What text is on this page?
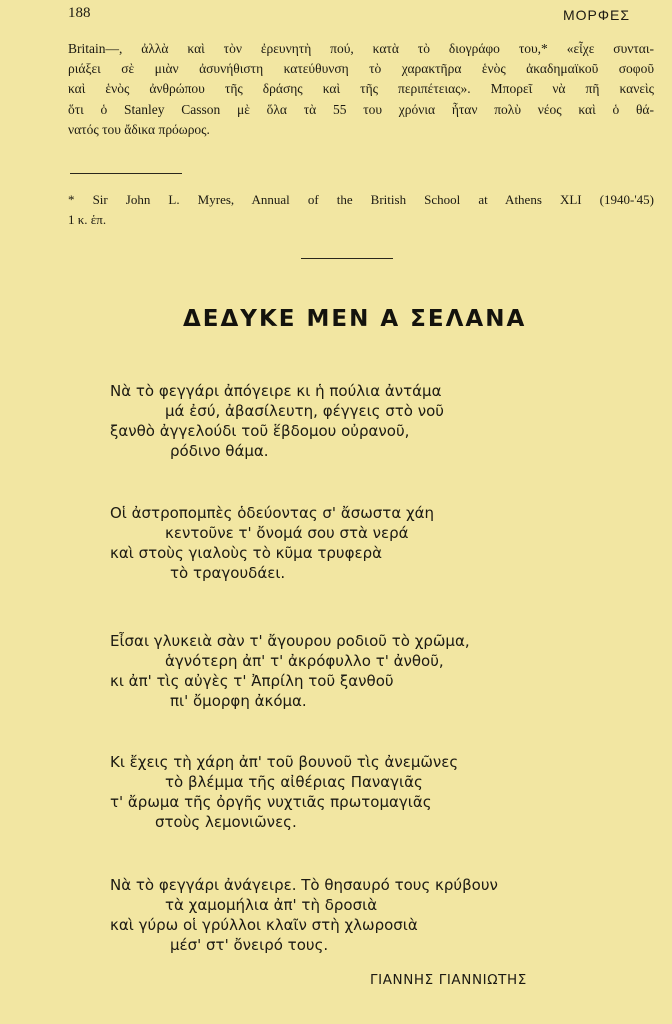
188	ΜΟΡΦΕΣ
Britain—, ἀλλὰ καὶ τὸν ἐρευνητὴ πού, κατὰ τὸ διογράφο του,* «εἶχε συνται-
ριάξει σὲ μιὰν ἀσυνήθιστη κατεύθυνση τὸ χαρακτῆρα ἑνὸς ἀκαδημαϊκοῦ σοφοῦ
καὶ ἑνὸς ἀνθρώπου τῆς δράσης καὶ τῆς περιπέτειας». Μπορεῖ νὰ πῆ κανεὶς
ὅτι ὁ Stanley Casson μὲ ὅλα τὰ 55 του χρόνια ἦταν πολὺ νέος καὶ ὁ θά-
νατός του ἄδικα πρόωρος.
* Sir John L. Myres, Annual of the British School at Athens XLI (1940-'45)
1 κ. ἑπ.
ΔΕΔΥΚΕ ΜΕΝ Α ΣΕΛΑΝΑ
Νὰ τὸ φεγγάρι ἀπόγειρε κι ἡ πούλια ἀντάμα
μά ἐσύ, ἀβασίλευτη, φέγγεις στὸ νοῦ
ξανθὸ ἀγγελούδι τοῦ ἕβδομου οὐρανοῦ,
ρόδινο θάμα.
Οἱ ἀστροπομπὲς ὁδεύοντας σ' ἄσωστα χάη
κεντοῦνε τ' ὄνομά σου στὰ νερά
καὶ στοὺς γιαλοὺς τὸ κῦμα τρυφερὰ
τὸ τραγουδάει.
Εἶσαι γλυκειὰ σὰν τ' ἄγουρου ροδιοῦ τὸ χρῶμα,
ἁγνότερη ἀπ' τ' ἀκρόφυλλο τ' ἀνθοῦ,
κι ἀπ' τὶς αὐγὲς τ' Ἀπρίλη τοῦ ξανθοῦ
πι' ὄμορφη ἀκόμα.
Κι ἔχεις τὴ χάρη ἀπ' τοῦ βουνοῦ τὶς ἀνεμῶνες
τὸ βλέμμα τῆς αἰθέριας Παναγιᾶς
τ' ἄρωμα τῆς ὀργῆς νυχτιᾶς πρωτομαγιᾶς
στοὺς λεμονιῶνες.
Νὰ τὸ φεγγάρι ἀνάγειρε. Τὸ θησαυρό τους κρύβουν
τὰ χαμομήλια ἀπ' τὴ δροσιὰ
καὶ γύρω οἱ γρύλλοι κλαῖν στὴ χλωροσιὰ
μέσ' στ' ὄνειρό τους.
ΓΙΑΝΝΗΣ ΓΙΑΝΝΙΩΤΗΣ
